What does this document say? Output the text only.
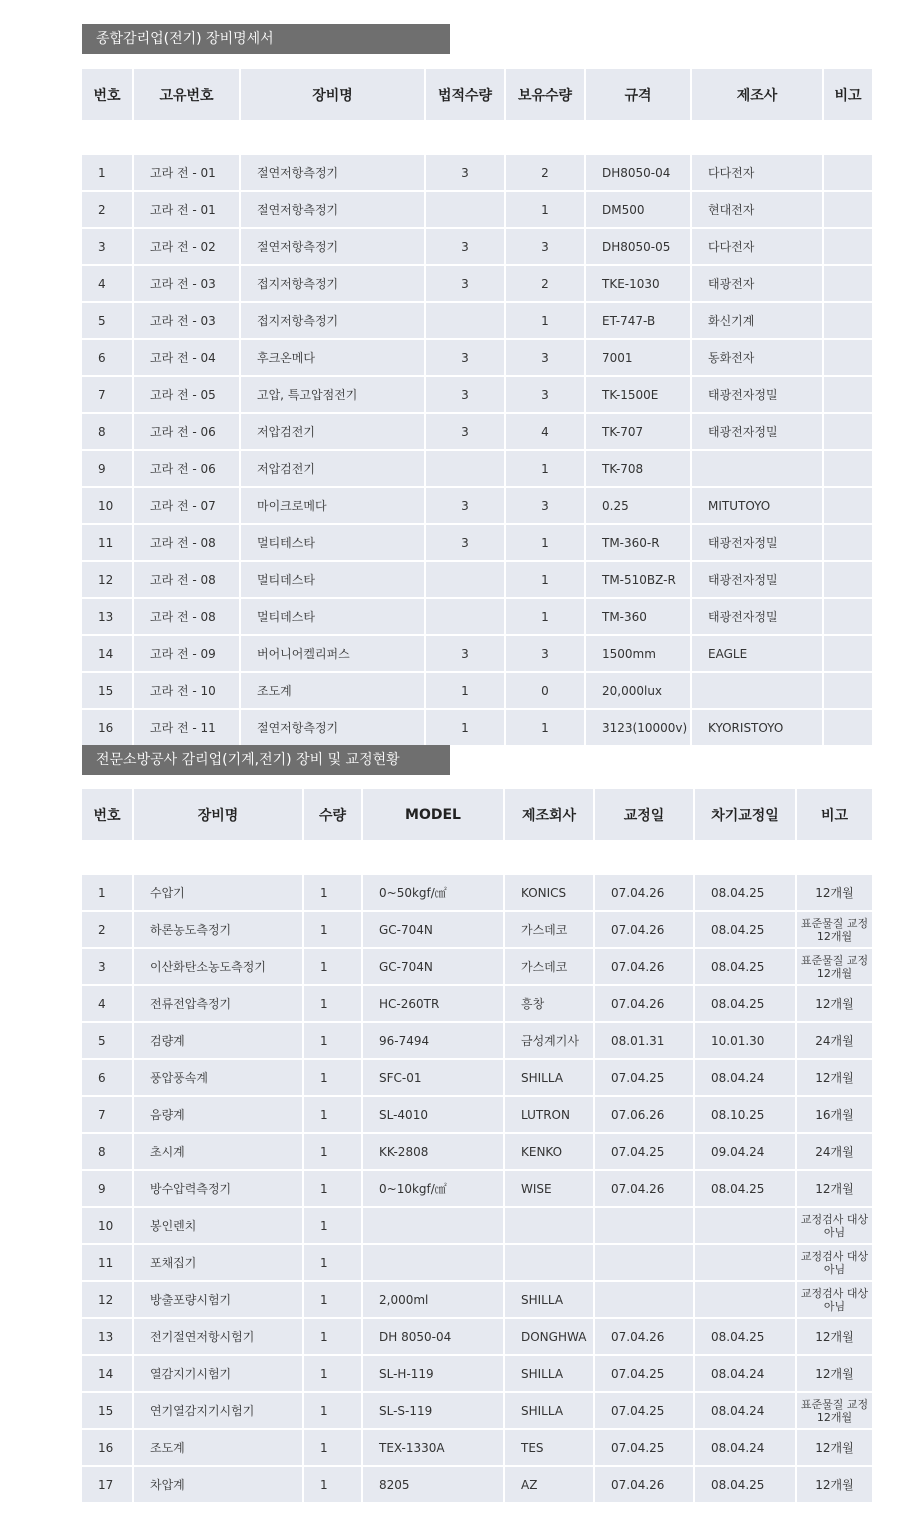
종합감리업(전기) 장비명세서
번호	고유번호	장비명	법적수량	보유수량	규격	제조사	비고

1	고라 전 - 01	절연저항측정기	3	2	DH8050-04	다다전자	
2	고라 전 - 01	절연저항측정기		1	DM500	현대전자	
3	고라 전 - 02	절연저항측정기	3	3	DH8050-05	다다전자	
4	고라 전 - 03	접지저항측정기	3	2	TKE-1030	태광전자	
5	고라 전 - 03	접지저항측정기		1	ET-747-B	화신기계	
6	고라 전 - 04	후크온메다	3	3	7001	동화전자	
7	고라 전 - 05	고압, 특고압점전기	3	3	TK-1500E	태광전자정밀	
8	고라 전 - 06	저압검전기	3	4	TK-707	태광전자정밀	
9	고라 전 - 06	저압검전기		1	TK-708		
10	고라 전 - 07	마이크로메다	3	3	0.25	MITUTOYO	
11	고라 전 - 08	멀티테스타	3	1	TM-360-R	태광전자정밀	
12	고라 전 - 08	멀티데스타		1	TM-510BZ-R	태광전자정밀	
13	고라 전 - 08	멀티데스타		1	TM-360	태광전자정밀	
14	고라 전 - 09	버어니어켈리퍼스	3	3	1500mm	EAGLE	
15	고라 전 - 10	조도계	1	0	20,000lux		
16	고라 전 - 11	절연저항측정기	1	1	3123(10000v)	KYORISTOYO	
전문소방공사 감리업(기계,전기) 장비 및 교정현황
번호	장비명	수량	MODEL	제조회사	교정일	차기교정일	비고

1	수압기	1	0~50kgf/㎠	KONICS	07.04.26	08.04.25	12개월
2	하론농도측정기	1	GC-704N	가스데코	07.04.26	08.04.25	표준물질 교정 12개월
3	이산화탄소농도측정기	1	GC-704N	가스데코	07.04.26	08.04.25	표준물질 교정 12개월
4	전류전압측정기	1	HC-260TR	흥창	07.04.26	08.04.25	12개월
5	검량계	1	96-7494	금성계기사	08.01.31	10.01.30	24개월
6	풍압풍속계	1	SFC-01	SHILLA	07.04.25	08.04.24	12개월
7	음량계	1	SL-4010	LUTRON	07.06.26	08.10.25	16개월
8	초시계	1	KK-2808	KENKO	07.04.25	09.04.24	24개월
9	방수압력측정기	1	0~10kgf/㎠	WISE	07.04.26	08.04.25	12개월
10	봉인렌치	1					교정검사 대상아님
11	포채집기	1					교정검사 대상아님
12	방출포량시험기	1	2,000ml	SHILLA			교정검사 대상아님
13	전기절연저항시험기	1	DH 8050-04	DONGHWA	07.04.26	08.04.25	12개월
14	열감지기시험기	1	SL-H-119	SHILLA	07.04.25	08.04.24	12개월
15	연기열감지기시험기	1	SL-S-119	SHILLA	07.04.25	08.04.24	표준물질 교정12개월
16	조도계	1	TEX-1330A	TES	07.04.25	08.04.24	12개월
17	차압계	1	8205	AZ	07.04.26	08.04.25	12개월
